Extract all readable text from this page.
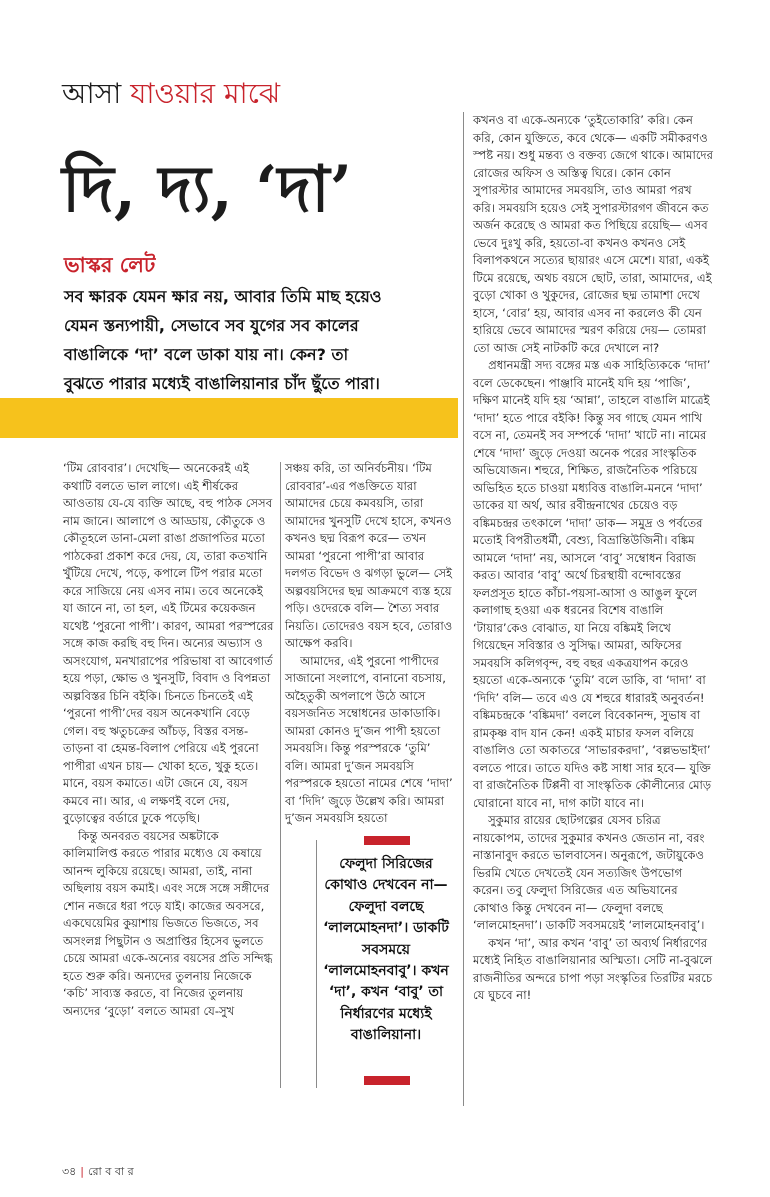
আসা যাওয়ার মাঝে
দি, দ্য, ‘দা’
ভাস্কর লেট
সব ক্ষারক যেমন ক্ষার নয়, আবার তিমি মাছ হয়েও
যেমন স্তন্যপায়ী, সেভাবে সব যুগের সব কালের
বাঙালিকে ‘দা’ বলে ডাকা যায় না। কেন? তা
বুঝতে পারার মধ্যেই বাঙালিয়ানার চাঁদ ছুঁতে পারা।

‘টিম রোববার’। দেখেছি— অনেকেরই এই কথাটি বলতে ভাল লাগে। এই শীর্ষকের আওতায় যে-যে ব্যক্তি আছে, বহু পাঠক সেসব নাম জানে। আলাপে ও আড্ডায়, কৌতুকে ও কৌতূহলে ডানা-মেলা রাঙা প্রজাপতির মতো পাঠকেরা প্রকাশ করে দেয়, যে, তারা কতখানি খুঁটিয়ে দেখে, পড়ে, কপালে টিপ পরার মতো করে সাজিয়ে নেয় এসব নাম। তবে অনেকেই যা জানে না, তা হল, এই টিমের কয়েকজন যথেষ্ট ‘পুরনো পাপী’। কারণ, আমরা পরস্পরের সঙ্গে কাজ করছি বহু দিন। অন্যের অভ্যাস ও অসংযোগ, মনখারাপের পরিভাষা বা আবেগার্ত হয়ে পড়া, ক্ষোভ ও খুনসুটি, বিবাদ ও বিপন্নতা অল্পবিস্তর চিনি বইকি। চিনতে চিনতেই এই ‘পুরনো পাপী’দের বয়স অনেকখানি বেড়ে গেল। বহু ঋতুচক্রের আঁচড়, বিস্তর বসন্ত-তাড়না বা হেমন্ত-বিলাপ পেরিয়ে এই পুরনো পাপীরা এখন চায়— খোকা হতে, খুকু হতে। মানে, বয়স কমাতে। এটা জেনে যে, বয়স কমবে না। আর, এ লক্ষণই বলে দেয়, বুড়োত্বের বর্ডারে ঢুকে পড়েছি।

কিন্তু অনবরত বয়সের অঙ্কটাকে কালিমালিপ্ত করতে পারার মধ্যেও যে কষায়ে আনন্দ লুকিয়ে রয়েছে। আমরা, তাই, নানা অছিলায় বয়স কমাই। এবং সঙ্গে সঙ্গে সঙ্গীদের শোন নজরে ধরা পড়ে যাই। কাজের অবসরে, একঘেয়েমির কুয়াশায় ভিজতে ভিজতে, সব অসংলগ্ন পিছুটান ও অপ্রাপ্তির হিসেব ভুলতে চেয়ে আমরা একে-অন্যের বয়সের প্রতি সন্দিগ্ধ হতে শুরু করি। অন্যদের তুলনায় নিজেকে ‘কচি’ সাব্যস্ত করতে, বা নিজের তুলনায় অন্যদের ‘বুড়ো’ বলতে আমরা যে-সুখ

সঞ্চয় করি, তা অনির্বচনীয়। ‘টিম রোববার’-এর পঙক্তিতে যারা আমাদের চেয়ে কমবয়সি, তারা আমাদের খুনসুটি দেখে হাসে, কখনও কখনও ছদ্ম বিরূপ করে— তখন আমরা ‘পুরনো পাপী’রা আবার দলগত বিভেদ ও ঝগড়া ভুলে— সেই অল্পবয়সিদের ছদ্ম আক্রমণে ব্যস্ত হয়ে পড়ি। ওদেরকে বলি— শৈত্য সবার নিয়তি। তোদেরও বয়স হবে, তোরাও আক্ষেপ করবি।

আমাদের, এই পুরনো পাপীদের সাজানো সংলাপে, বানানো বচসায়, অহৈতুকী অপলাপে উঠে আসে বয়সজনিত সম্বোধনের ডাকাডাকি। আমরা কোনও দু’জন পাপী হয়তো সমবয়সি। কিন্তু পরস্পরকে ‘তুমি’ বলি। আমরা দু’জন সমবয়সি পরস্পরকে হয়তো নামের শেষে ‘দাদা’ বা ‘দিদি’ জুড়ে উল্লেখ করি। আমরা দু’জন সমবয়সি হয়তো

ফেলুদা সিরিজের কোথাও দেখবেন না— ফেলুদা বলছে ‘লালমোহনদা’। ডাকটি সবসময়ে ‘লালমোহনবাবু’। কখন ‘দা’, কখন ‘বাবু’ তা নির্ধারণের মধ্যেই বাঙালিয়ানা।

কখনও বা একে-অন্যকে ‘তুইতোকারি’ করি। কেন করি, কোন যুক্তিতে, কবে থেকে— একটি সমীকরণও স্পষ্ট নয়। শুধু মন্তব্য ও বক্তব্য জেগে থাকে। আমাদের রোজের অফিস ও অস্তিত্ব ঘিরে। কোন কোন সুপারস্টার আমাদের সমবয়সি, তাও আমরা পরখ করি। সমবয়সি হয়েও সেই সুপারস্টারগণ জীবনে কত অর্জন করেছে ও আমরা কত পিছিয়ে রয়েছি— এসব ভেবে দুঃখু করি, হয়তো-বা কখনও কখনও সেই বিলাপকথনে সত্যের ছায়ারং এসে মেশে। যারা, একই টিমে রয়েছে, অথচ বয়সে ছোট, তারা, আমাদের, এই বুড়ো খোকা ও খুকুদের, রোজের ছদ্ম তামাশা দেখে হাসে, ‘বোর’ হয়, আবার এসব না করলেও কী যেন হারিয়ে ভেবে আমাদের স্মরণ করিয়ে দেয়— তোমরা তো আজ সেই নাটকটি করে দেখালে না?

প্রধানমন্ত্রী সদ্য বঙ্গের মস্ত এক সাহিত্যিককে ‘দাদা’ বলে ডেকেছেন। পাঞ্জাবি মানেই যদি হয় ‘পাজি’, দক্ষিণ মানেই যদি হয় ‘আন্না’, তাহলে বাঙালি মাত্রেই ‘দাদা’ হতে পারে বইকি! কিন্তু সব গাছে যেমন পাখি বসে না, তেমনই সব সম্পর্কে ‘দাদা’ খাটে না। নামের শেষে ‘দাদা’ জুড়ে দেওয়া অনেক পরের সাংস্কৃতিক অভিযোজন। শহুরে, শিক্ষিত, রাজনৈতিক পরিচয়ে অভিহিত হতে চাওয়া মধ্যবিত্ত বাঙালি-মননে ‘দাদা’ ডাকের যা অর্থ, আর রবীন্দ্রনাথের চেয়েও বড় বঙ্কিমচন্দ্রর তৎকালে ‘দাদা’ ডাক— সমুদ্র ও পর্বতের মতোই বিপরীতধর্মী, বেশ্যু, বিভ্রান্তিউজিনী। বঙ্কিম আমলে ‘দাদা’ নয়, আসলে ‘বাবু’ সম্বোধন বিরাজ করত। আবার ‘বাবু’ অর্থে চিরস্থায়ী বন্দোবস্তের ফলপ্রসূত হাতে কাঁচা-পয়সা-আসা ও আঙুল ফুলে কলাগাছ হওয়া এক ধরনের বিশেষ বাঙালি ‘টায়ার’কেও বোঝাত, যা নিয়ে বঙ্কিমই লিখে গিয়েছেন সবিস্তার ও সুসিদ্ধ। আমরা, অফিসের সমবয়সি কলিগবৃন্দ, বহু বছর একত্রযাপন করেও হয়তো একে-অন্যকে ‘তুমি’ বলে ডাকি, বা ‘দাদা’ বা ‘দিদি’ বলি— তবে এও যে শহুরে ধারারই অনুবর্তন! বঙ্কিমচন্দ্রকে ‘বঙ্কিমদা’ বললে বিবেকানন্দ, সুভাষ বা রামকৃষ্ণ বাদ যান কেন! একই মাচার ফসল বলিয়ে বাঙালিও তো অকাতরে ‘সাভারকরদা’, ‘বল্লভভাইদা’ বলতে পারে। তাতে যদিও কষ্ট সাধা সার হবে— যুক্তি বা রাজনৈতিক টিপ্পনী বা সাংস্কৃতিক কৌলীন্যের মোড় ঘোরানো যাবে না, দাগ কাটা যাবে না।

সুকুমার রায়ের ছোটগল্পের যেসব চরিত্র নায়কোপম, তাদের সুকুমার কখনও জেতান না, বরং নাস্তানাবুদ করতে ভালবাসেন। অনুরূপে, জটায়ুকেও ভিরমি খেতে দেখতেই যেন সত্যজিৎ উপভোগ করেন। তবু ফেলুদা সিরিজের এত অভিযানের কোথাও কিন্তু দেখবেন না— ফেলুদা বলছে ‘লালমোহনদা’। ডাকটি সবসময়েই ‘লালমোহনবাবু’।

কখন ‘দা’, আর কখন ‘বাবু’ তা অব্যর্থ নির্ধারণের মধ্যেই নিহিত বাঙালিয়ানার অস্মিতা। সেটি না-বুঝলে রাজনীতির অন্দরে চাপা পড়া সংস্কৃতির তিরটির মরচে যে ঘুচবে না!

৩৪ | রো ব বা র
